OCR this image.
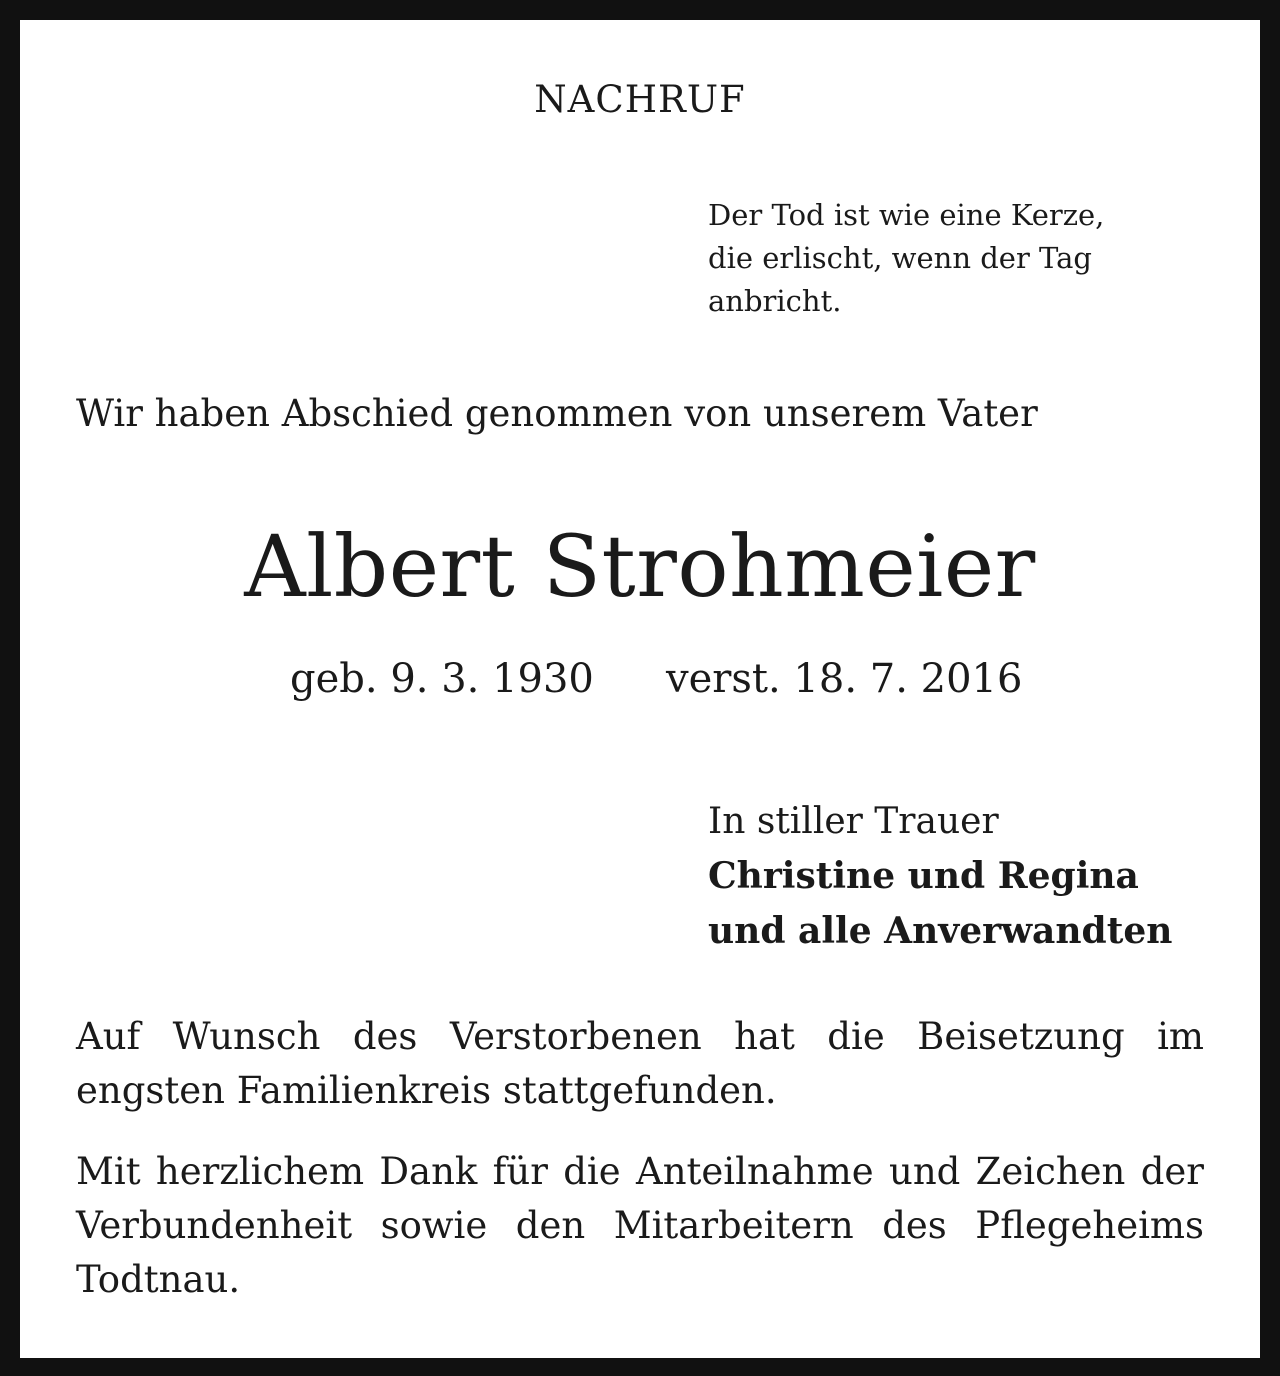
NACHRUF

Der Tod ist wie eine Kerze,
die erlischt, wenn der Tag
anbricht.

Wir haben Abschied genommen von unserem Vater

Albert Strohmeier

geb. 9. 3. 1930 verst. 18. 7. 2016

In stiller Trauer
Christine und Regina
und alle Anverwandten

Auf Wunsch des Verstorbenen hat die Beisetzung im engsten Familienkreis stattgefunden.

Mit herzlichem Dank für die Anteilnahme und Zeichen der Verbundenheit sowie den Mitarbeitern des Pflegeheims Todtnau.
